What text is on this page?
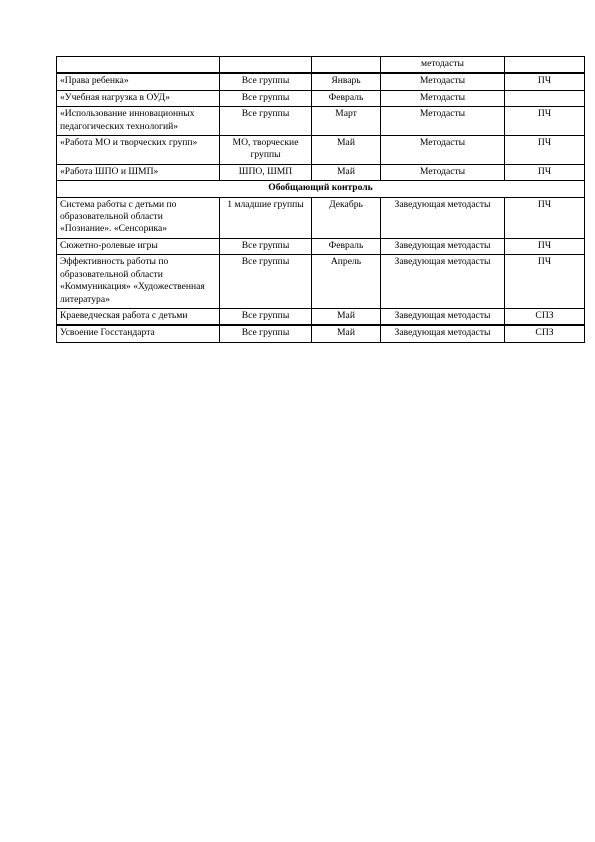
			методасты	
«Права ребенка»	Все группы	Январь	Методасты	ПЧ
«Учебная нагрузка в ОУД»	Все группы	Февраль	Методасты	
«Использование инновационных педагогических технологий»	Все группы	Март	Методасты	ПЧ
«Работа МО и творческих групп»	МО, творческие группы	Май	Методасты	ПЧ
«Работа ШПО и ШМП»	ШПО, ШМП	Май	Методасты	ПЧ
Обобщающий контроль				
Система работы с детьми по образовательной области «Познание». «Сенсорика»	1 младшие группы	Декабрь	Заведующая методасты	ПЧ
Сюжетно-ролевые игры	Все группы	Февраль	Заведующая методасты	ПЧ
Эффективность работы по образовательной области «Коммуникация» «Художественная литература»	Все группы	Апрель	Заведующая методасты	ПЧ
Краеведческая работа с детьми	Все группы	Май	Заведующая методасты	СПЗ
Усвоение Госстандарта	Все группы	Май	Заведующая методасты	СПЗ
